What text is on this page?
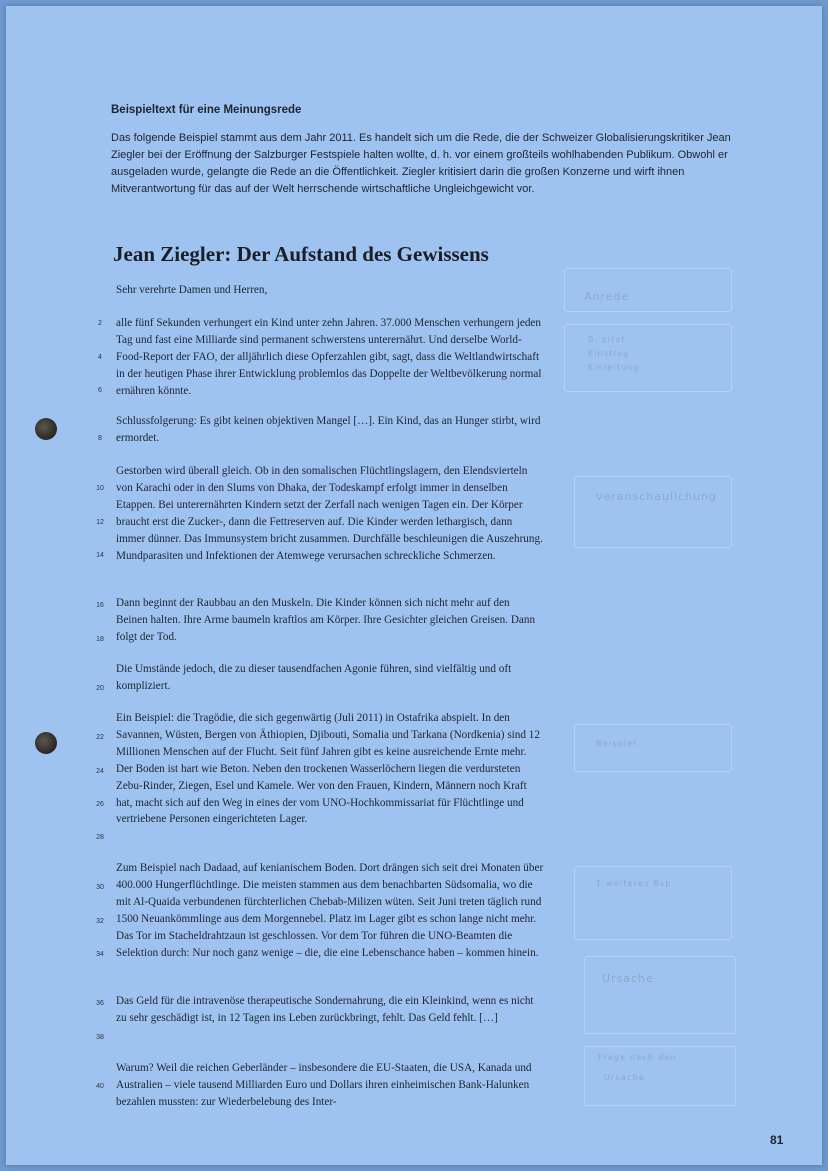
Beispieltext für eine Meinungsrede

Das folgende Beispiel stammt aus dem Jahr 2011. Es handelt sich um die Rede, die der Schweizer Globalisierungskritiker Jean Ziegler bei der Eröffnung der Salzburger Festspiele halten wollte, d. h. vor einem großteils wohlhabenden Publikum. Obwohl er ausgeladen wurde, gelangte die Rede an die Öffentlichkeit. Ziegler kritisiert darin die großen Konzerne und wirft ihnen Mitverantwortung für das auf der Welt herrschende wirtschaftliche Ungleichgewicht vor.

Jean Ziegler: Der Aufstand des Gewissens

Sehr verehrte Damen und Herren,

alle fünf Sekunden verhungert ein Kind unter zehn Jahren. 37.000 Menschen verhungern jeden Tag und fast eine Milliarde sind permanent schwerstens unterernährt. Und derselbe World-Food-Report der FAO, der alljährlich diese Opferzahlen gibt, sagt, dass die Weltlandwirtschaft in der heutigen Phase ihrer Entwicklung problemlos das Doppelte der Weltbevölkerung normal ernähren könnte.

Schlussfolgerung: Es gibt keinen objektiven Mangel […]. Ein Kind, das an Hunger stirbt, wird ermordet.

Gestorben wird überall gleich. Ob in den somalischen Flüchtlingslagern, den Elendsvierteln von Karachi oder in den Slums von Dhaka, der Todeskampf erfolgt immer in denselben Etappen. Bei unterernährten Kindern setzt der Zerfall nach wenigen Tagen ein. Der Körper braucht erst die Zucker-, dann die Fettreserven auf. Die Kinder werden lethargisch, dann immer dünner. Das Immunsystem bricht zusammen. Durchfälle beschleunigen die Auszehrung. Mundparasiten und Infektionen der Atemwege verursachen schreckliche Schmerzen.

Dann beginnt der Raubbau an den Muskeln. Die Kinder können sich nicht mehr auf den Beinen halten. Ihre Arme baumeln kraftlos am Körper. Ihre Gesichter gleichen Greisen. Dann folgt der Tod.

Die Umstände jedoch, die zu dieser tausendfachen Agonie führen, sind vielfältig und oft kompliziert.

Ein Beispiel: die Tragödie, die sich gegenwärtig (Juli 2011) in Ostafrika abspielt. In den Savannen, Wüsten, Bergen von Äthiopien, Djibouti, Somalia und Tarkana (Nordkenia) sind 12 Millionen Menschen auf der Flucht. Seit fünf Jahren gibt es keine ausreichende Ernte mehr. Der Boden ist hart wie Beton. Neben den trockenen Wasserlöchern liegen die verdursteten Zebu-Rinder, Ziegen, Esel und Kamele. Wer von den Frauen, Kindern, Männern noch Kraft hat, macht sich auf den Weg in eines der vom UNO-Hochkommissariat für Flüchtlinge und vertriebene Personen eingerichteten Lager.

Zum Beispiel nach Dadaad, auf kenianischem Boden. Dort drängen sich seit drei Monaten über 400.000 Hungerflüchtlinge. Die meisten stammen aus dem benachbarten Südsomalia, wo die mit Al-Quaida verbundenen fürchterlichen Chebab-Milizen wüten. Seit Juni treten täglich rund 1500 Neuankömmlinge aus dem Morgennebel. Platz im Lager gibt es schon lange nicht mehr. Das Tor im Stacheldrahtzaun ist geschlossen. Vor dem Tor führen die UNO-Beamten die Selektion durch: Nur noch ganz wenige – die, die eine Lebenschance haben – kommen hinein.

Das Geld für die intravenöse therapeutische Sondernahrung, die ein Kleinkind, wenn es nicht zu sehr geschädigt ist, in 12 Tagen ins Leben zurückbringt, fehlt. Das Geld fehlt. […]

Warum? Weil die reichen Geberländer – insbesondere die EU-Staaten, die USA, Kanada und Australien – viele tausend Milliarden Euro und Dollars ihren einheimischen Bank-Halunken bezahlen mussten: zur Wiederbelebung des Inter-

2
4
6
8
10
12
14
16
18
20
22
24
26
28
30
32
34
36
38
40
Anrede
B. zitat
Einstieg
Einleitung
veranschaulichung
Beispiel
1 weiteres Bsp
Ursache
Frage nach den
Ursache
81
